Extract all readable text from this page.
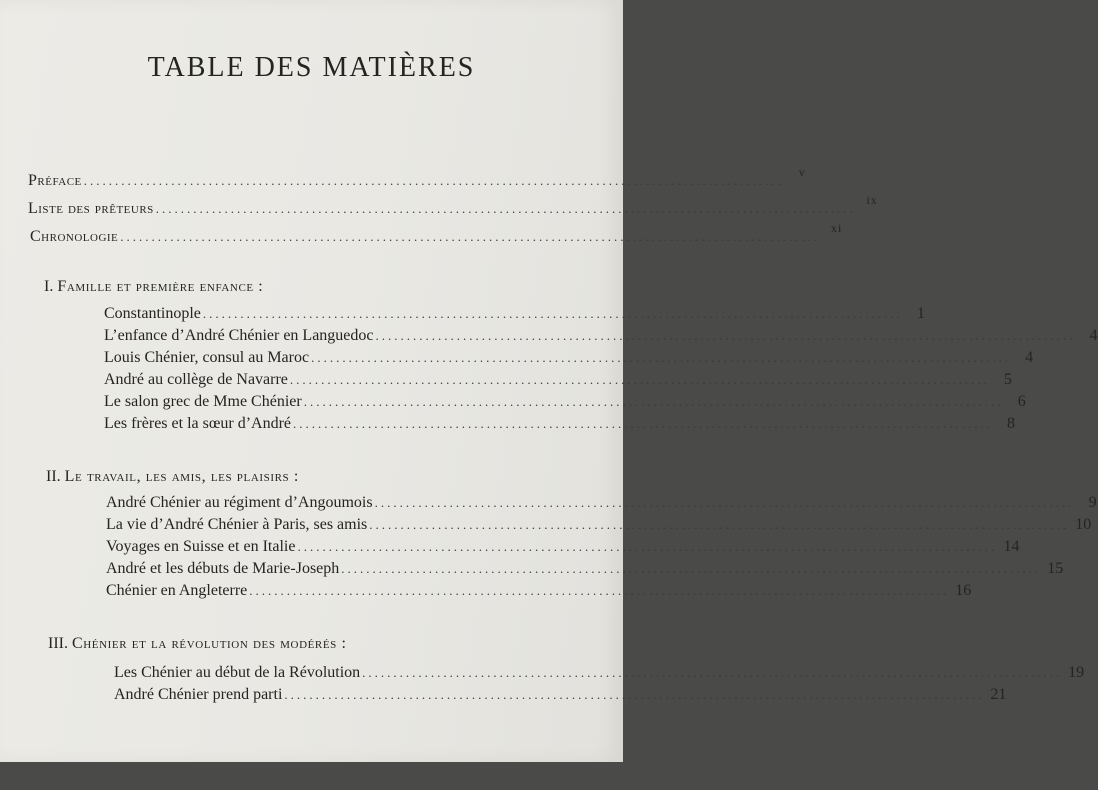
TABLE DES MATIÈRES
Préface ................................................................................................................
v
Liste des prêteurs ................................................................................................................
ix
Chronologie ................................................................................................................
xi

I. Famille et première enfance :

Constantinople ................................................................................................................ 1
L’enfance d’André Chénier en Languedoc ................................................................................................................ 4
Louis Chénier, consul au Maroc ................................................................................................................ 4
André au collège de Navarre ................................................................................................................ 5
Le salon grec de Mme Chénier ................................................................................................................ 6
Les frères et la sœur d’André ................................................................................................................ 8

II. Le travail, les amis, les plaisirs :

André Chénier au régiment d’Angoumois ................................................................................................................ 9
La vie d’André Chénier à Paris, ses amis ................................................................................................................ 10
Voyages en Suisse et en Italie ................................................................................................................ 14
André et les débuts de Marie-Joseph ................................................................................................................ 15
Chénier en Angleterre ................................................................................................................ 16

III. Chénier et la révolution des modérés :

Les Chénier au début de la Révolution ................................................................................................................ 19
André Chénier prend parti ................................................................................................................ 21
